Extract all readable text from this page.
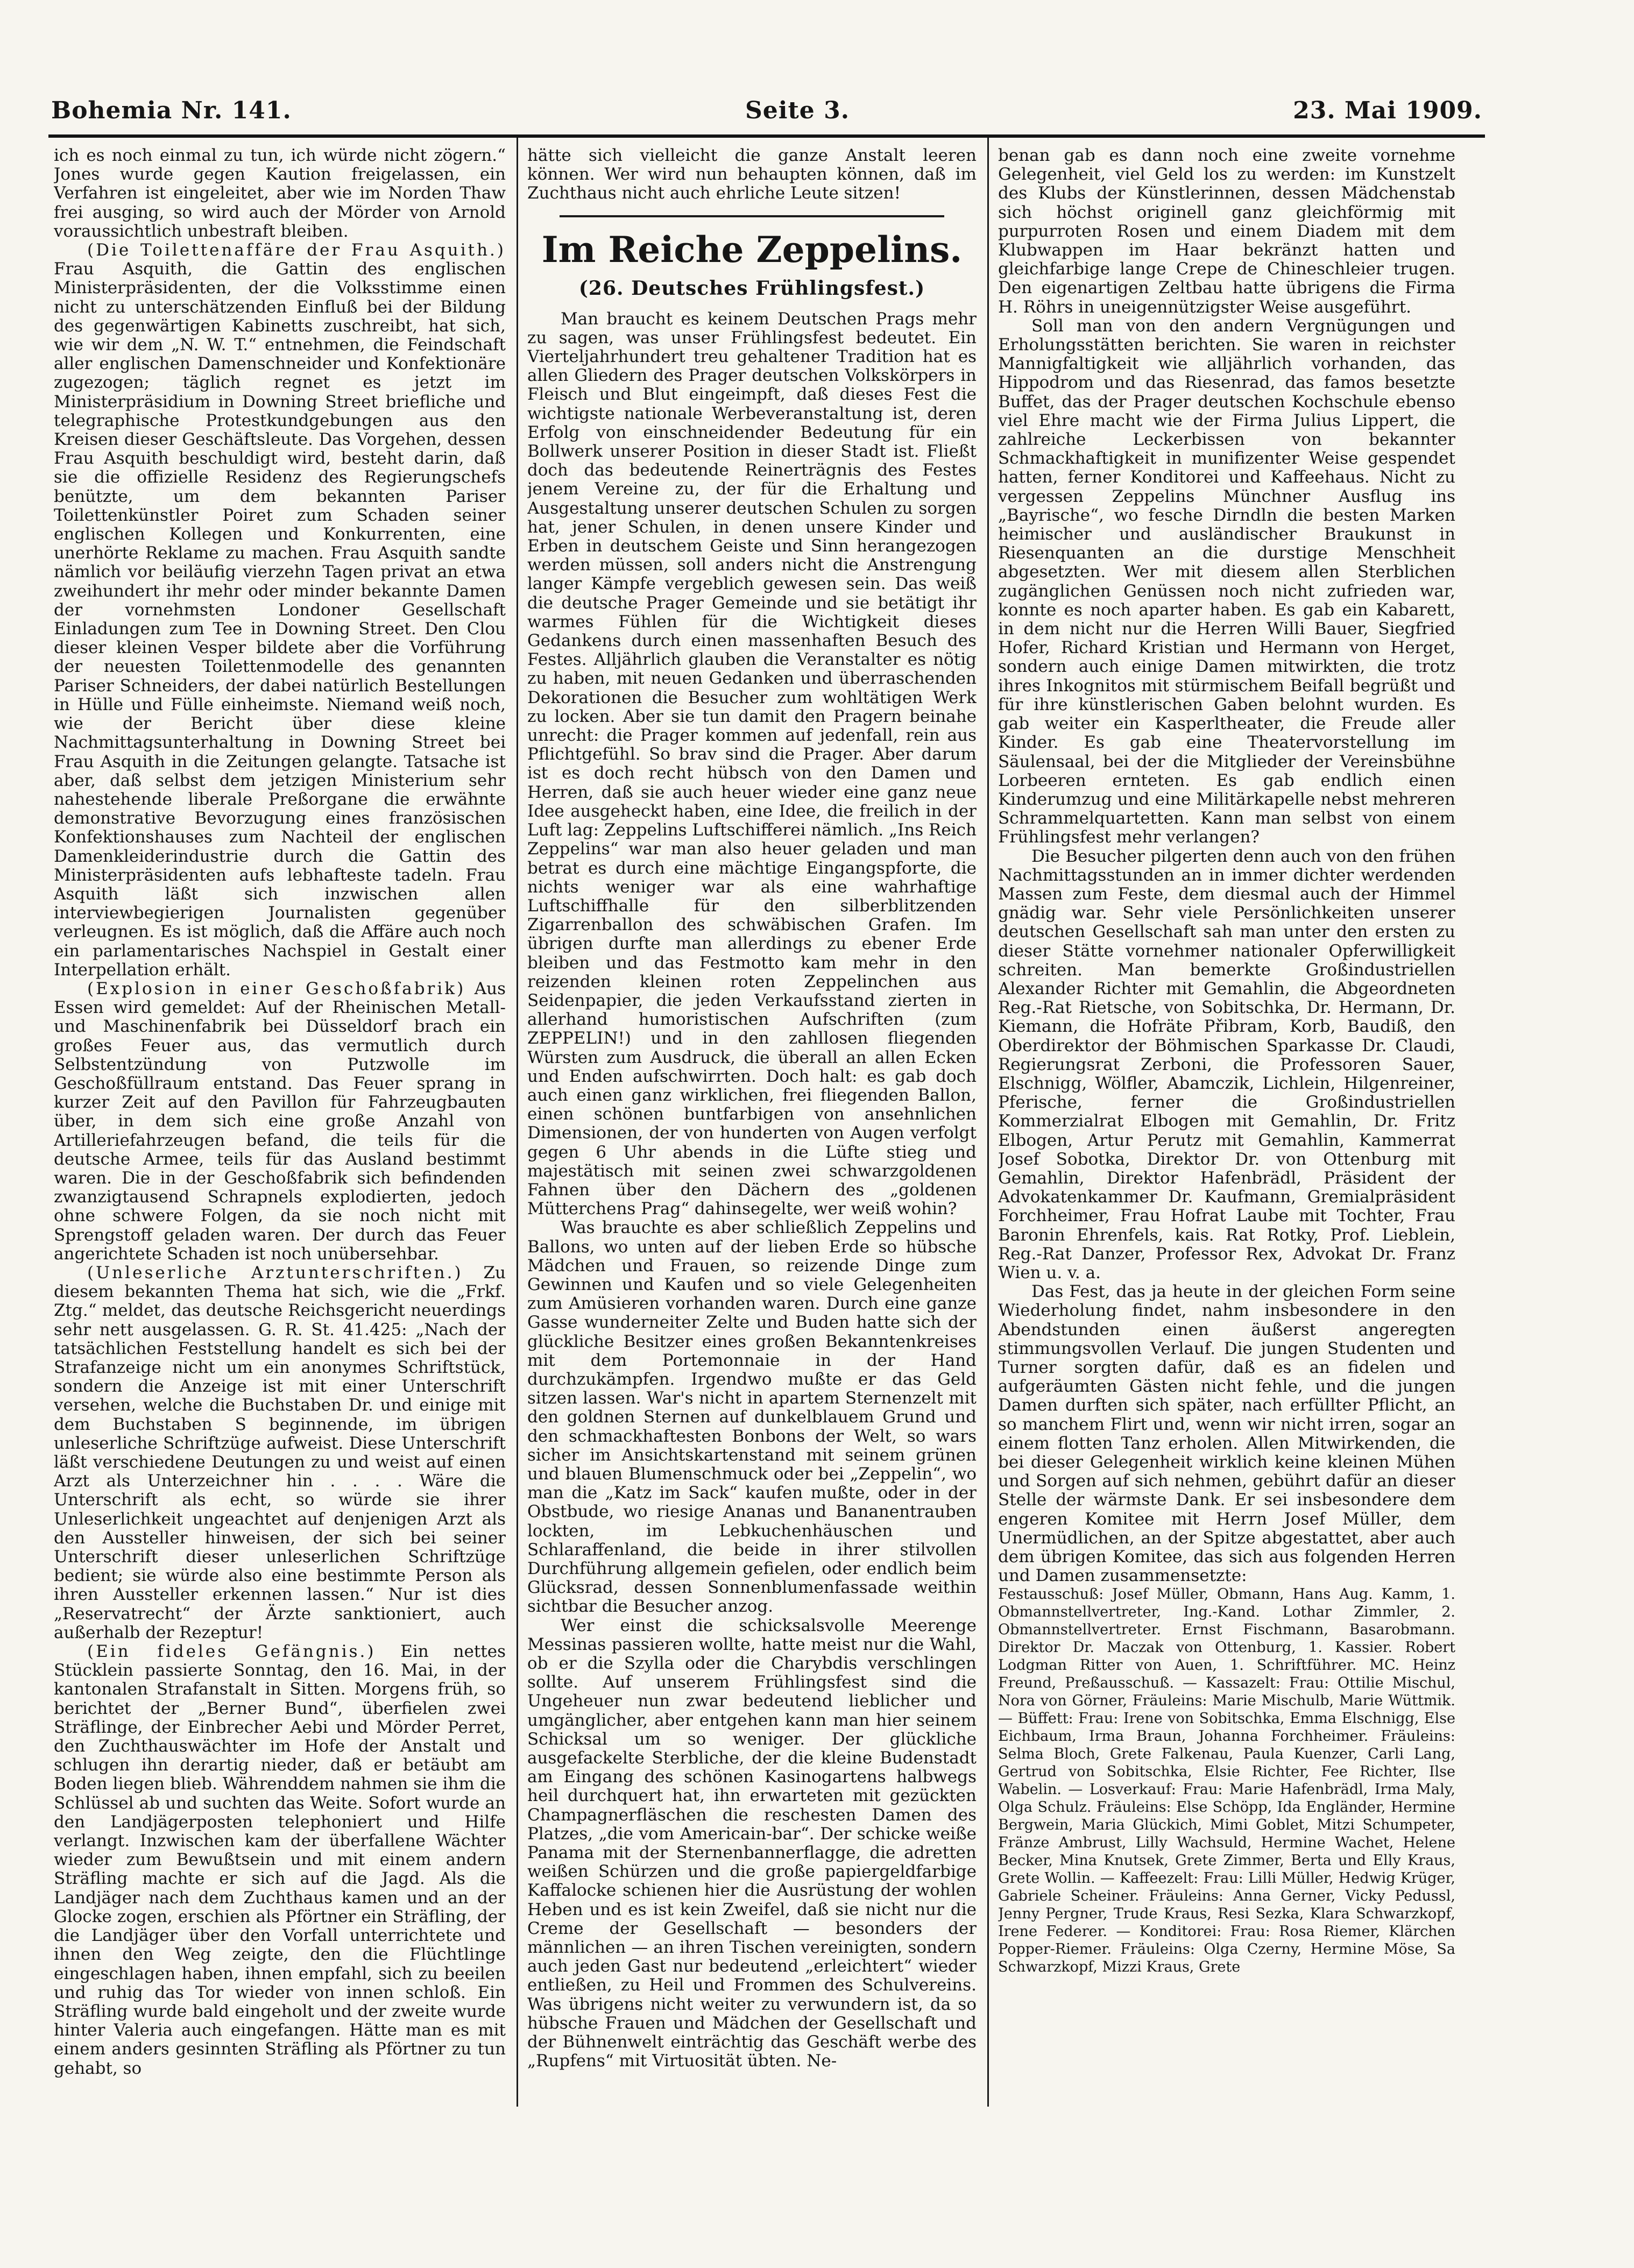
Bohemia Nr. 141.	Seite 3.	23. Mai 1909.

ich es noch einmal zu tun, ich würde nicht zögern.“ Jones wurde gegen Kaution freigelassen, ein Verfahren ist eingeleitet, aber wie im Norden Thaw frei ausging, so wird auch der Mörder von Arnold voraussichtlich unbestraft bleiben.

(Die Toilettenaffäre der Frau Asquith.) Frau Asquith, die Gattin des englischen Ministerpräsidenten, der die Volksstimme einen nicht zu unterschätzenden Einfluß bei der Bildung des gegenwärtigen Kabinetts zuschreibt, hat sich, wie wir dem „N. W. T.“ entnehmen, die Feindschaft aller englischen Damenschneider und Konfektionäre zugezogen; täglich regnet es jetzt im Ministerpräsidium in Downing Street briefliche und telegraphische Protestkundgebungen aus den Kreisen dieser Geschäftsleute. Das Vorgehen, dessen Frau Asquith beschuldigt wird, besteht darin, daß sie die offizielle Residenz des Regierungschefs benützte, um dem bekannten Pariser Toilettenkünstler Poiret zum Schaden seiner englischen Kollegen und Konkurrenten, eine unerhörte Reklame zu machen. Frau Asquith sandte nämlich vor beiläufig vierzehn Tagen privat an etwa zweihundert ihr mehr oder minder bekannte Damen der vornehmsten Londoner Gesellschaft Einladungen zum Tee in Downing Street. Den Clou dieser kleinen Vesper bildete aber die Vorführung der neuesten Toilettenmodelle des genannten Pariser Schneiders, der dabei natürlich Bestellungen in Hülle und Fülle einheimste. Niemand weiß noch, wie der Bericht über diese kleine Nachmittagsunterhaltung in Downing Street bei Frau Asquith in die Zeitungen gelangte. Tatsache ist aber, daß selbst dem jetzigen Ministerium sehr nahestehende liberale Preßorgane die erwähnte demonstrative Bevorzugung eines französischen Konfektionshauses zum Nachteil der englischen Damenkleiderindustrie durch die Gattin des Ministerpräsidenten aufs lebhafteste tadeln. Frau Asquith läßt sich inzwischen allen interviewbegierigen Journalisten gegenüber verleugnen. Es ist möglich, daß die Affäre auch noch ein parlamentarisches Nachspiel in Gestalt einer Interpellation erhält.

(Explosion in einer Geschoßfabrik) Aus Essen wird gemeldet: Auf der Rheinischen Metall- und Maschinenfabrik bei Düsseldorf brach ein großes Feuer aus, das vermutlich durch Selbstentzündung von Putzwolle im Geschoßfüllraum entstand. Das Feuer sprang in kurzer Zeit auf den Pavillon für Fahrzeugbauten über, in dem sich eine große Anzahl von Artilleriefahrzeugen befand, die teils für die deutsche Armee, teils für das Ausland bestimmt waren. Die in der Geschoßfabrik sich befindenden zwanzigtausend Schrapnels explodierten, jedoch ohne schwere Folgen, da sie noch nicht mit Sprengstoff geladen waren. Der durch das Feuer angerichtete Schaden ist noch unübersehbar.

(Unleserliche Arztunterschriften.) Zu diesem bekannten Thema hat sich, wie die „Frkf. Ztg.“ meldet, das deutsche Reichsgericht neuerdings sehr nett ausgelassen. G. R. St. 41.425: „Nach der tatsächlichen Feststellung handelt es sich bei der Strafanzeige nicht um ein anonymes Schriftstück, sondern die Anzeige ist mit einer Unterschrift versehen, welche die Buchstaben Dr. und einige mit dem Buchstaben S beginnende, im übrigen unleserliche Schriftzüge aufweist. Diese Unterschrift läßt verschiedene Deutungen zu und weist auf einen Arzt als Unterzeichner hin . . . . Wäre die Unterschrift als echt, so würde sie ihrer Unleserlichkeit ungeachtet auf denjenigen Arzt als den Aussteller hinweisen, der sich bei seiner Unterschrift dieser unleserlichen Schriftzüge bedient; sie würde also eine bestimmte Person als ihren Aussteller erkennen lassen.“ Nur ist dies „Reservatrecht“ der Ärzte sanktioniert, auch außerhalb der Rezeptur!

(Ein fideles Gefängnis.) Ein nettes Stücklein passierte Sonntag, den 16. Mai, in der kantonalen Strafanstalt in Sitten. Morgens früh, so berichtet der „Berner Bund“, überfielen zwei Sträflinge, der Einbrecher Aebi und Mörder Perret, den Zuchthauswächter im Hofe der Anstalt und schlugen ihn derartig nieder, daß er betäubt am Boden liegen blieb. Währenddem nahmen sie ihm die Schlüssel ab und suchten das Weite. Sofort wurde an den Landjägerposten telephoniert und Hilfe verlangt. Inzwischen kam der überfallene Wächter wieder zum Bewußtsein und mit einem andern Sträfling machte er sich auf die Jagd. Als die Landjäger nach dem Zuchthaus kamen und an der Glocke zogen, erschien als Pförtner ein Sträfling, der die Landjäger über den Vorfall unterrichtete und ihnen den Weg zeigte, den die Flüchtlinge eingeschlagen haben, ihnen empfahl, sich zu beeilen und ruhig das Tor wieder von innen schloß. Ein Sträfling wurde bald eingeholt und der zweite wurde hinter Valeria auch eingefangen. Hätte man es mit einem anders gesinnten Sträfling als Pförtner zu tun gehabt, so

hätte sich vielleicht die ganze Anstalt leeren können. Wer wird nun behaupten können, daß im Zuchthaus nicht auch ehrliche Leute sitzen!

Im Reiche Zeppelins.
(26. Deutsches Frühlingsfest.)

Man braucht es keinem Deutschen Prags mehr zu sagen, was unser Frühlingsfest bedeutet. Ein Vierteljahrhundert treu gehaltener Tradition hat es allen Gliedern des Prager deutschen Volkskörpers in Fleisch und Blut eingeimpft, daß dieses Fest die wichtigste nationale Werbeveranstaltung ist, deren Erfolg von einschneidender Bedeutung für ein Bollwerk unserer Position in dieser Stadt ist. Fließt doch das bedeutende Reinerträgnis des Festes jenem Vereine zu, der für die Erhaltung und Ausgestaltung unserer deutschen Schulen zu sorgen hat, jener Schulen, in denen unsere Kinder und Erben in deutschem Geiste und Sinn herangezogen werden müssen, soll anders nicht die Anstrengung langer Kämpfe vergeblich gewesen sein. Das weiß die deutsche Prager Gemeinde und sie betätigt ihr warmes Fühlen für die Wichtigkeit dieses Gedankens durch einen massenhaften Besuch des Festes. Alljährlich glauben die Veranstalter es nötig zu haben, mit neuen Gedanken und überraschenden Dekorationen die Besucher zum wohltätigen Werk zu locken. Aber sie tun damit den Pragern beinahe unrecht: die Prager kommen auf jedenfall, rein aus Pflichtgefühl. So brav sind die Prager. Aber darum ist es doch recht hübsch von den Damen und Herren, daß sie auch heuer wieder eine ganz neue Idee ausgeheckt haben, eine Idee, die freilich in der Luft lag: Zeppelins Luftschifferei nämlich. „Ins Reich Zeppelins“ war man also heuer geladen und man betrat es durch eine mächtige Eingangspforte, die nichts weniger war als eine wahrhaftige Luftschiffhalle für den silberblitzenden Zigarrenballon des schwäbischen Grafen. Im übrigen durfte man allerdings zu ebener Erde bleiben und das Festmotto kam mehr in den reizenden kleinen roten Zeppelinchen aus Seidenpapier, die jeden Verkaufsstand zierten in allerhand humoristischen Aufschriften (zum ZEPPELIN!) und in den zahllosen fliegenden Würsten zum Ausdruck, die überall an allen Ecken und Enden aufschwirrten. Doch halt: es gab doch auch einen ganz wirklichen, frei fliegenden Ballon, einen schönen buntfarbigen von ansehnlichen Dimensionen, der von hunderten von Augen verfolgt gegen 6 Uhr abends in die Lüfte stieg und majestätisch mit seinen zwei schwarzgoldenen Fahnen über den Dächern des „goldenen Mütterchens Prag“ dahinsegelte, wer weiß wohin?

Was brauchte es aber schließlich Zeppelins und Ballons, wo unten auf der lieben Erde so hübsche Mädchen und Frauen, so reizende Dinge zum Gewinnen und Kaufen und so viele Gelegenheiten zum Amüsieren vorhanden waren. Durch eine ganze Gasse wunderneiter Zelte und Buden hatte sich der glückliche Besitzer eines großen Bekanntenkreises mit dem Portemonnaie in der Hand durchzukämpfen. Irgendwo mußte er das Geld sitzen lassen. War's nicht in apartem Sternenzelt mit den goldnen Sternen auf dunkelblauem Grund und den schmackhaftesten Bonbons der Welt, so wars sicher im Ansichtskartenstand mit seinem grünen und blauen Blumenschmuck oder bei „Zeppelin“, wo man die „Katz im Sack“ kaufen mußte, oder in der Obstbude, wo riesige Ananas und Bananentrauben lockten, im Lebkuchenhäuschen und Schlaraffenland, die beide in ihrer stilvollen Durchführung allgemein gefielen, oder endlich beim Glücksrad, dessen Sonnenblumenfassade weithin sichtbar die Besucher anzog.

Wer einst die schicksalsvolle Meerenge Messinas passieren wollte, hatte meist nur die Wahl, ob er die Szylla oder die Charybdis verschlingen sollte. Auf unserem Frühlingsfest sind die Ungeheuer nun zwar bedeutend lieblicher und umgänglicher, aber entgehen kann man hier seinem Schicksal um so weniger. Der glückliche ausgefackelte Sterbliche, der die kleine Budenstadt am Eingang des schönen Kasinogartens halbwegs heil durchquert hat, ihn erwarteten mit gezückten Champagnerfläschen die reschesten Damen des Platzes, „die vom Americain-bar“. Der schicke weiße Panama mit der Sternenbannerflagge, die adretten weißen Schürzen und die große papiergeldfarbige Kaffalocke schienen hier die Ausrüstung der wohlen Heben und es ist kein Zweifel, daß sie nicht nur die Creme der Gesellschaft — besonders der männlichen — an ihren Tischen vereinigten, sondern auch jeden Gast nur bedeutend „erleichtert“ wieder entließen, zu Heil und Frommen des Schulvereins. Was übrigens nicht weiter zu verwundern ist, da so hübsche Frauen und Mädchen der Gesellschaft und der Bühnenwelt einträchtig das Geschäft werbe des „Rupfens“ mit Virtuosität übten. Ne-

benan gab es dann noch eine zweite vornehme Gelegenheit, viel Geld los zu werden: im Kunstzelt des Klubs der Künstlerinnen, dessen Mädchenstab sich höchst originell ganz gleichförmig mit purpurroten Rosen und einem Diadem mit dem Klubwappen im Haar bekränzt hatten und gleichfarbige lange Crepe de Chineschleier trugen. Den eigenartigen Zeltbau hatte übrigens die Firma H. Röhrs in uneigennützigster Weise ausgeführt.

Soll man von den andern Vergnügungen und Erholungsstätten berichten. Sie waren in reichster Mannigfaltigkeit wie alljährlich vorhanden, das Hippodrom und das Riesenrad, das famos besetzte Buffet, das der Prager deutschen Kochschule ebenso viel Ehre macht wie der Firma Julius Lippert, die zahlreiche Leckerbissen von bekannter Schmackhaftigkeit in munifizenter Weise gespendet hatten, ferner Konditorei und Kaffeehaus. Nicht zu vergessen Zeppelins Münchner Ausflug ins „Bayrische“, wo fesche Dirndln die besten Marken heimischer und ausländischer Braukunst in Riesenquanten an die durstige Menschheit abgesetzten. Wer mit diesem allen Sterblichen zugänglichen Genüssen noch nicht zufrieden war, konnte es noch aparter haben. Es gab ein Kabarett, in dem nicht nur die Herren Willi Bauer, Siegfried Hofer, Richard Kristian und Hermann von Herget, sondern auch einige Damen mitwirkten, die trotz ihres Inkognitos mit stürmischem Beifall begrüßt und für ihre künstlerischen Gaben belohnt wurden. Es gab weiter ein Kasperltheater, die Freude aller Kinder. Es gab eine Theatervorstellung im Säulensaal, bei der die Mitglieder der Vereinsbühne Lorbeeren ernteten. Es gab endlich einen Kinderumzug und eine Militärkapelle nebst mehreren Schrammelquartetten. Kann man selbst von einem Frühlingsfest mehr verlangen?

Die Besucher pilgerten denn auch von den frühen Nachmittagsstunden an in immer dichter werdenden Massen zum Feste, dem diesmal auch der Himmel gnädig war. Sehr viele Persönlichkeiten unserer deutschen Gesellschaft sah man unter den ersten zu dieser Stätte vornehmer nationaler Opferwilligkeit schreiten. Man bemerkte Großindustriellen Alexander Richter mit Gemahlin, die Abgeordneten Reg.-Rat Rietsche, von Sobitschka, Dr. Hermann, Dr. Kiemann, die Hofräte Přibram, Korb, Baudiß, den Oberdirektor der Böhmischen Sparkasse Dr. Claudi, Regierungsrat Zerboni, die Professoren Sauer, Elschnigg, Wölfler, Abamczik, Lichlein, Hilgenreiner, Pferische, ferner die Großindustriellen Kommerzialrat Elbogen mit Gemahlin, Dr. Fritz Elbogen, Artur Perutz mit Gemahlin, Kammerrat Josef Sobotka, Direktor Dr. von Ottenburg mit Gemahlin, Direktor Hafenbrädl, Präsident der Advokatenkammer Dr. Kaufmann, Gremialpräsident Forchheimer, Frau Hofrat Laube mit Tochter, Frau Baronin Ehrenfels, kais. Rat Rotky, Prof. Lieblein, Reg.-Rat Danzer, Professor Rex, Advokat Dr. Franz Wien u. v. a.

Das Fest, das ja heute in der gleichen Form seine Wiederholung findet, nahm insbesondere in den Abendstunden einen äußerst angeregten stimmungsvollen Verlauf. Die jungen Studenten und Turner sorgten dafür, daß es an fidelen und aufgeräumten Gästen nicht fehle, und die jungen Damen durften sich später, nach erfüllter Pflicht, an so manchem Flirt und, wenn wir nicht irren, sogar an einem flotten Tanz erholen. Allen Mitwirkenden, die bei dieser Gelegenheit wirklich keine kleinen Mühen und Sorgen auf sich nehmen, gebührt dafür an dieser Stelle der wärmste Dank. Er sei insbesondere dem engeren Komitee mit Herrn Josef Müller, dem Unermüdlichen, an der Spitze abgestattet, aber auch dem übrigen Komitee, das sich aus folgenden Herren und Damen zusammensetzte:

Festausschuß: Josef Müller, Obmann, Hans Aug. Kamm, 1. Obmannstellvertreter, Ing.-Kand. Lothar Zimmler, 2. Obmannstellvertreter. Ernst Fischmann, Basarobmann. Direktor Dr. Maczak von Ottenburg, 1. Kassier. Robert Lodgman Ritter von Auen, 1. Schriftführer. MC. Heinz Freund, Preßausschuß. — Kassazelt: Frau: Ottilie Mischul, Nora von Görner, Fräuleins: Marie Mischulb, Marie Wüttmik. — Büffett: Frau: Irene von Sobitschka, Emma Elschnigg, Else Eichbaum, Irma Braun, Johanna Forchheimer. Fräuleins: Selma Bloch, Grete Falkenau, Paula Kuenzer, Carli Lang, Gertrud von Sobitschka, Elsie Richter, Fee Richter, Ilse Wabelin. — Losverkauf: Frau: Marie Hafenbrädl, Irma Maly, Olga Schulz. Fräuleins: Else Schöpp, Ida Engländer, Hermine Bergwein, Maria Glückich, Mimi Goblet, Mitzi Schumpeter, Fränze Ambrust, Lilly Wachsuld, Hermine Wachet, Helene Becker, Mina Knutsek, Grete Zimmer, Berta und Elly Kraus, Grete Wollin. — Kaffeezelt: Frau: Lilli Müller, Hedwig Krüger, Gabriele Scheiner. Fräuleins: Anna Gerner, Vicky Pedussl, Jenny Pergner, Trude Kraus, Resi Sezka, Klara Schwarzkopf, Irene Federer. — Konditorei: Frau: Rosa Riemer, Klärchen Popper-Riemer. Fräuleins: Olga Czerny, Hermine Möse, Sa Schwarzkopf, Mizzi Kraus, Grete
